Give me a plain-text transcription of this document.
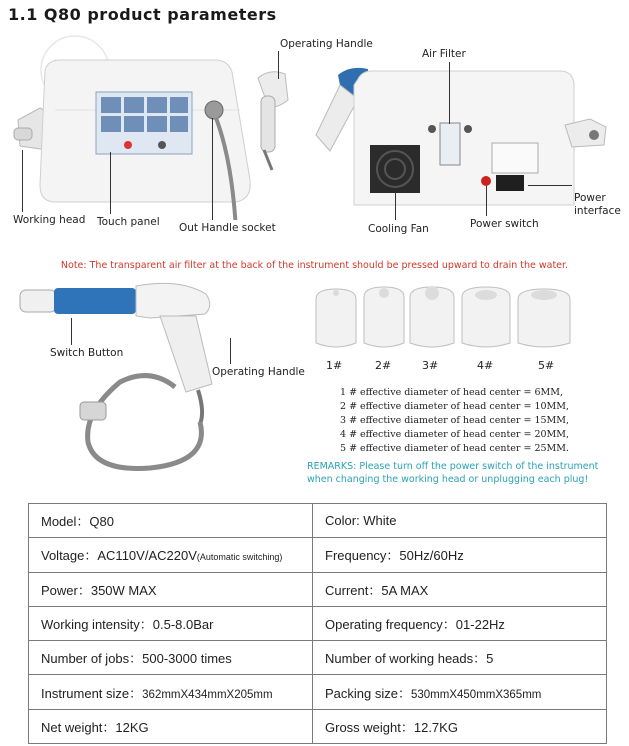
1.1 Q80 product parameters
Operating Handle
Air Filter
Working head Touch panel Out Handle socket	Cooling Fan	Power switch
Power
interface
Note: The transparent air filter at the back of the instrument should be pressed upward to drain the water.
Switch Button
Operating Handle 1#	2#	3#	4#	5#
1 # effective diameter of head center = 6MM,
2 # effective diameter of head center = 10MM,
3 # effective diameter of head center = 15MM,
4 # effective diameter of head center = 20MM,
5 # effective diameter of head center = 25MM.
REMARKS: Please turn off the power switch of the instrument
when changing the working head or unplugging each plug!
Model：Q80	Color: White
Voltage：AC110V/AC220V(Automatic switching)	Frequency：50Hz/60Hz
Power：350W MAX	Current：5A MAX
Working intensity：0.5-8.0Bar	Operating frequency：01-22Hz
Number of jobs：500-3000 times	Number of working heads：5
Instrument size：362mmX434mmX205mm	Packing size：530mmX450mmX365mm
Net weight：12KG	Gross weight：12.7KG
